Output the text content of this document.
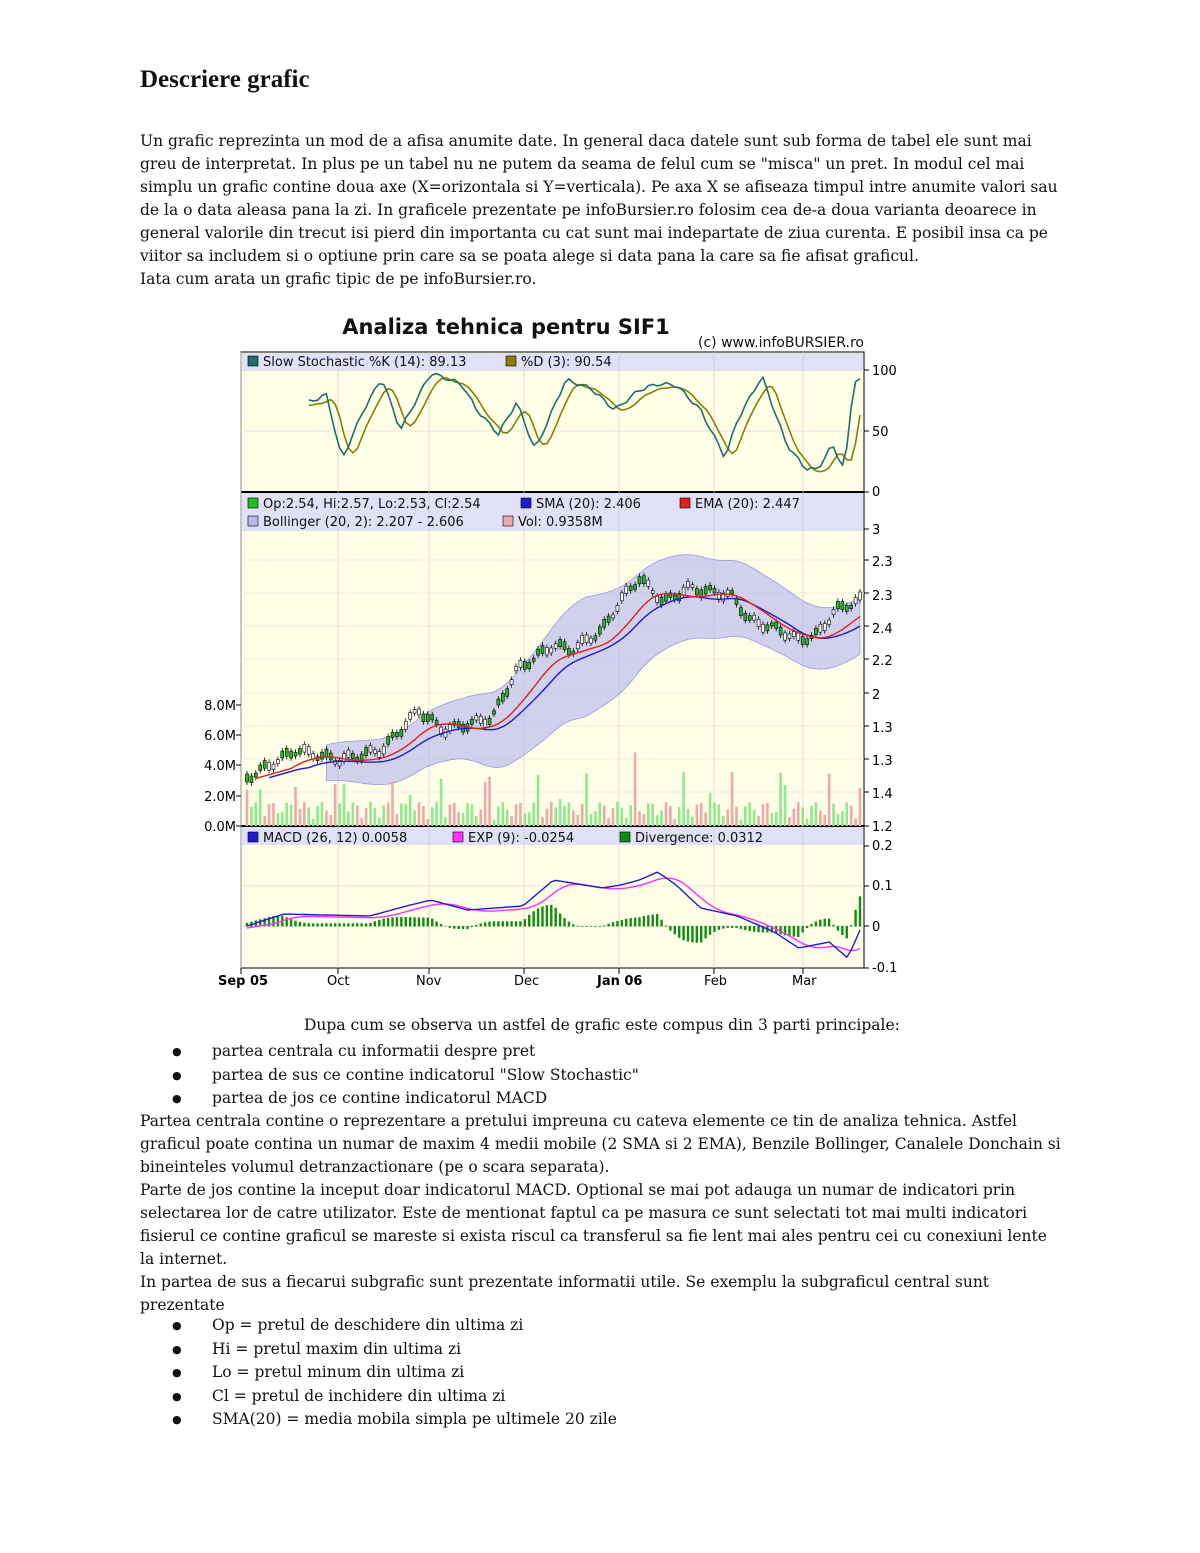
Descriere grafic
Un grafic reprezinta un mod de a afisa anumite date. In general daca datele sunt sub forma de tabel ele sunt mai greu de interpretat. In plus pe un tabel nu ne putem da seama de felul cum se "misca" un pret. In modul cel mai simplu un grafic contine doua axe (X=orizontala si Y=verticala). Pe axa X se afiseaza timpul intre anumite valori sau de la o data aleasa pana la zi. In graficele prezentate pe infoBursier.ro folosim cea de-a doua varianta deoarece in general valorile din trecut isi pierd din importanta cu cat sunt mai indepartate de ziua curenta. E posibil insa ca pe viitor sa includem si o optiune prin care sa se poata alege si data pana la care sa fie afisat graficul.
Iata cum arata un grafic tipic de pe infoBursier.ro.
Analiza tehnica pentru SIF1
(c) www.infoBURSIER.ro
Slow Stochastic %K (14): 89.13	%D (3): 90.54
Op:2.54, Hi:2.57, Lo:2.53, Cl:2.54	SMA (20): 2.406	EMA (20): 2.447
Bollinger (20, 2): 2.207 - 2.606	Vol: 0.9358M
MACD (26, 12) 0.0058	EXP (9): -0.0254	Divergence: 0.0312
100
50
0
3
2.3
2.3
2.4
2.2
2
1.3
1.3
1.4
1.2
8.0M
6.0M
4.0M
2.0M
0.0M
0.2
0.1
0
-0.1
Sep 05	Oct	Nov	Dec	Jan 06	Feb	Mar
Dupa cum se observa un astfel de grafic este compus din 3 parti principale:
● partea centrala cu informatii despre pret
● partea de sus ce contine indicatorul "Slow Stochastic"
● partea de jos ce contine indicatorul MACD
Partea centrala contine o reprezentare a pretului impreuna cu cateva elemente ce tin de analiza tehnica. Astfel graficul poate contina un numar de maxim 4 medii mobile (2 SMA si 2 EMA), Benzile Bollinger, Canalele Donchain si bineinteles volumul detranzactionare (pe o scara separata).
Parte de jos contine la inceput doar indicatorul MACD. Optional se mai pot adauga un numar de indicatori prin selectarea lor de catre utilizator. Este de mentionat faptul ca pe masura ce sunt selectati tot mai multi indicatori fisierul ce contine graficul se mareste si exista riscul ca transferul sa fie lent mai ales pentru cei cu conexiuni lente la internet.
In partea de sus a fiecarui subgrafic sunt prezentate informatii utile. Se exemplu la subgraficul central sunt prezentate
● Op = pretul de deschidere din ultima zi
● Hi = pretul maxim din ultima zi
● Lo = pretul minum din ultima zi
● Cl = pretul de inchidere din ultima zi
● SMA(20) = media mobila simpla pe ultimele 20 zile
